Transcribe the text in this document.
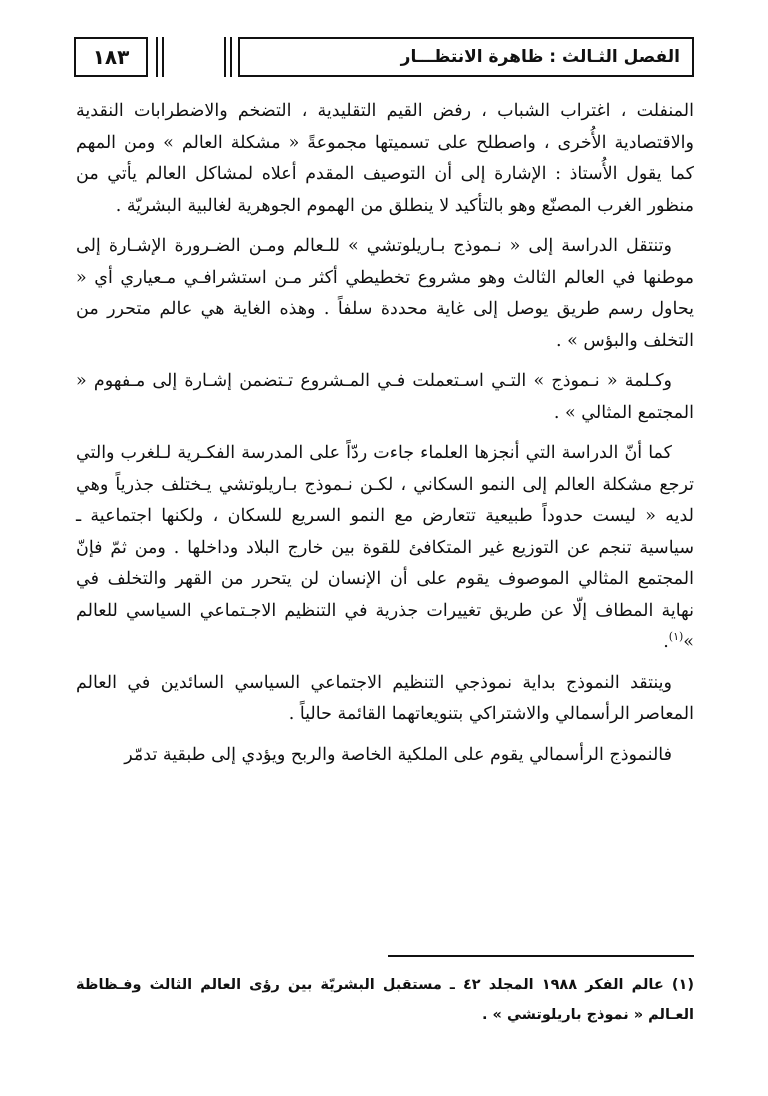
الفصل الثـالث : ظاهرة الانتظـــار
١٨٣

المنفلت ، اغتراب الشباب ، رفض القيم التقليدية ، التضخم والاضطرابات النقدية والاقتصادية الأُخرى ، واصطلح على تسميتها مجموعةً « مشكلة العالم » ومن المهم كما يقول الأُستاذ : الإشارة إلى أن التوصيف المقدم أعلاه لمشاكل العالم يأتي من منظور الغرب المصنّع وهو بالتأكيد لا ينطلق من الهموم الجوهرية لغالبية البشريّة .

وتنتقل الدراسة إلى « نـموذج بـاريلوتشي » للـعالم ومـن الضـرورة الإشـارة إلى موطنها في العالم الثالث وهو مشروع تخطيطي أكثر مـن استشرافـي مـعياري أي « يحاول رسم طريق يوصل إلى غاية محددة سلفاً . وهذه الغاية هي عالم متحرر من التخلف والبؤس » .

وكـلمة « نـموذج » التـي اسـتعملت فـي المـشروع تـتضمن إشـارة إلى مـفهوم « المجتمع المثالي » .

كما أنّ الدراسة التي أنجزها العلماء جاءت ردّاً على المدرسة الفكـرية لـلغرب والتي ترجع مشكلة العالم إلى النمو السكاني ، لكـن نـموذج بـاريلوتشي يـختلف جذرياً وهي لديه « ليست حدوداً طبيعية تتعارض مع النمو السريع للسكان ، ولكنها اجتماعية ـ سياسية تنجم عن التوزيع غير المتكافئ للقوة بين خارج البلاد وداخلها . ومن ثمّ فإنّ المجتمع المثالي الموصوف يقوم على أن الإنسان لن يتحرر من القهر والتخلف في نهاية المطاف إلّا عن طريق تغييرات جذرية في التنظيم الاجـتماعي السياسي للعالم »$^{(١)}$.

وينتقد النموذج بداية نموذجي التنظيم الاجتماعي السياسي السائدين في العالم المعاصر الرأسمالي والاشتراكي بتنويعاتهما القائمة حالياً .

فالنموذج الرأسمالي يقوم على الملكية الخاصة والربح ويؤدي إلى طبقية تدمّر

(١) عالم الفكر ١٩٨٨ المجلد ٤٢ ـ مستقبل البشريّة بين رؤى العالم الثالث وفـظاظة العـالم « نموذج باريلوتشي » .
